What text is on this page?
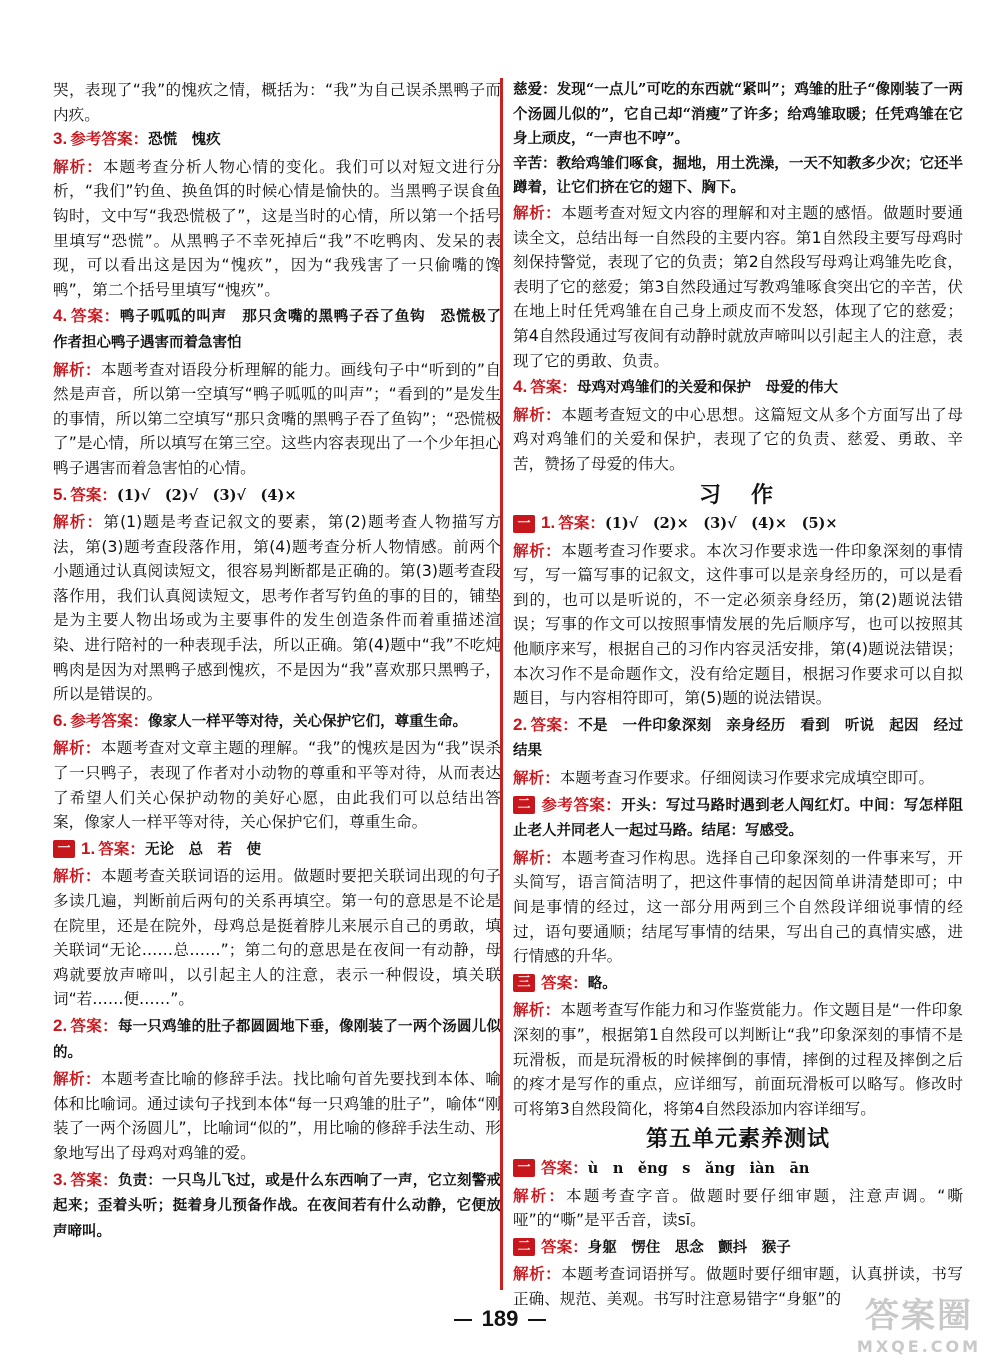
哭，表现了“我”的愧疚之情，概括为：“我”为自己误杀黑鸭子而内疚。

3. 参考答案：恐慌　愧疚

解析：本题考查分析人物心情的变化。我们可以对短文进行分析，“我们”钓鱼、换鱼饵的时候心情是愉快的。当黑鸭子误食鱼钩时，文中写“我恐慌极了”，这是当时的心情，所以第一个括号里填写“恐慌”。从黑鸭子不幸死掉后“我”不吃鸭肉、发呆的表现，可以看出这是因为“愧疚”，因为“我残害了一只偷嘴的馋鸭”，第二个括号里填写“愧疚”。

4. 答案：鸭子呱呱的叫声　那只贪嘴的黑鸭子吞了鱼钩　恐慌极了　作者担心鸭子遇害而着急害怕

解析：本题考查对语段分析理解的能力。画线句子中“听到的”自然是声音，所以第一空填写“鸭子呱呱的叫声”；“看到的”是发生的事情，所以第二空填写“那只贪嘴的黑鸭子吞了鱼钩”；“恐慌极了”是心情，所以填写在第三空。这些内容表现出了一个少年担心鸭子遇害而着急害怕的心情。

5. 答案：(1)√　(2)√　(3)√　(4)×

解析：第(1)题是考查记叙文的要素，第(2)题考查人物描写方法，第(3)题考查段落作用，第(4)题考查分析人物情感。前两个小题通过认真阅读短文，很容易判断都是正确的。第(3)题考查段落作用，我们认真阅读短文，思考作者写钓鱼的事的目的，铺垫是为主要人物出场或为主要事件的发生创造条件而着重描述渲染、进行陪衬的一种表现手法，所以正确。第(4)题中“我”不吃炖鸭肉是因为对黑鸭子感到愧疚，不是因为“我”喜欢那只黑鸭子，所以是错误的。

6. 参考答案：像家人一样平等对待，关心保护它们，尊重生命。

解析：本题考查对文章主题的理解。“我”的愧疚是因为“我”误杀了一只鸭子，表现了作者对小动物的尊重和平等对待，从而表达了希望人们关心保护动物的美好心愿，由此我们可以总结出答案，像家人一样平等对待，关心保护它们，尊重生命。

一 1. 答案：无论　总　若　使

解析：本题考查关联词语的运用。做题时要把关联词出现的句子多读几遍，判断前后两句的关系再填空。第一句的意思是不论是在院里，还是在院外，母鸡总是挺着脖儿来展示自己的勇敢，填关联词“无论……总……”；第二句的意思是在夜间一有动静，母鸡就要放声啼叫，以引起主人的注意，表示一种假设，填关联词“若……便……”。

2. 答案：每一只鸡雏的肚子都圆圆地下垂，像刚装了一两个汤圆儿似的。

解析：本题考查比喻的修辞手法。找比喻句首先要找到本体、喻体和比喻词。通过读句子找到本体“每一只鸡雏的肚子”，喻体“刚装了一两个汤圆儿”，比喻词“似的”，用比喻的修辞手法生动、形象地写出了母鸡对鸡雏的爱。

3. 答案：负责：一只鸟儿飞过，或是什么东西响了一声，它立刻警戒起来；歪着头听；挺着身儿预备作战。在夜间若有什么动静，它便放声啼叫。

慈爱：发现“一点儿”可吃的东西就“紧叫”；鸡雏的肚子“像刚装了一两个汤圆儿似的”，它自己却“消瘦”了许多；给鸡雏取暖；任凭鸡雏在它身上顽皮，“一声也不哼”。

辛苦：教给鸡雏们啄食，掘地，用土洗澡，一天不知教多少次；它还半蹲着，让它们挤在它的翅下、胸下。

解析：本题考查对短文内容的理解和对主题的感悟。做题时要通读全文，总结出每一自然段的主要内容。第1自然段主要写母鸡时刻保持警觉，表现了它的负责；第2自然段写母鸡让鸡雏先吃食，表明了它的慈爱；第3自然段通过写教鸡雏啄食突出它的辛苦，伏在地上时任凭鸡雏在自己身上顽皮而不发怒，体现了它的慈爱；第4自然段通过写夜间有动静时就放声啼叫以引起主人的注意，表现了它的勇敢、负责。

4. 答案：母鸡对鸡雏们的关爱和保护　母爱的伟大

解析：本题考查短文的中心思想。这篇短文从多个方面写出了母鸡对鸡雏们的关爱和保护，表现了它的负责、慈爱、勇敢、辛苦，赞扬了母爱的伟大。

习　作

一 1. 答案：(1)√　(2)×　(3)√　(4)×　(5)×

解析：本题考查习作要求。本次习作要求选一件印象深刻的事情写，写一篇写事的记叙文，这件事可以是亲身经历的，可以是看到的，也可以是听说的，不一定必须亲身经历，第(2)题说法错误；写事的作文可以按照事情发展的先后顺序写，也可以按照其他顺序来写，根据自己的习作内容灵活安排，第(4)题说法错误；本次习作不是命题作文，没有给定题目，根据习作要求可以自拟题目，与内容相符即可，第(5)题的说法错误。

2. 答案：不是　一件印象深刻　亲身经历　看到　听说　起因　经过　结果

解析：本题考查习作要求。仔细阅读习作要求完成填空即可。

二 参考答案：开头：写过马路时遇到老人闯红灯。中间：写怎样阻止老人并同老人一起过马路。结尾：写感受。

解析：本题考查习作构思。选择自己印象深刻的一件事来写，开头简写，语言简洁明了，把这件事情的起因简单讲清楚即可；中间是事情的经过，这一部分用两到三个自然段详细说事情的经过，语句要通顺；结尾写事情的结果，写出自己的真情实感，进行情感的升华。

三 答案：略。

解析：本题考查写作能力和习作鉴赏能力。作文题目是“一件印象深刻的事”，根据第1自然段可以判断让“我”印象深刻的事情不是玩滑板，而是玩滑板的时候摔倒的事情，摔倒的过程及摔倒之后的疼才是写作的重点，应详细写，前面玩滑板可以略写。修改时可将第3自然段简化，将第4自然段添加内容详细写。

第五单元素养测试

一 答案：ù　n　ěng　s　ǎng　iàn　ān

解析：本题考查字音。做题时要仔细审题，注意声调。“嘶哑”的“嘶”是平舌音，读sī。

二 答案：身躯　愣住　思念　颤抖　猴子

解析：本题考查词语拼写。做题时要仔细审题，认真拼读，书写正确、规范、美观。书写时注意易错字“身躯”的

189	答案圈
MXQE.COM
